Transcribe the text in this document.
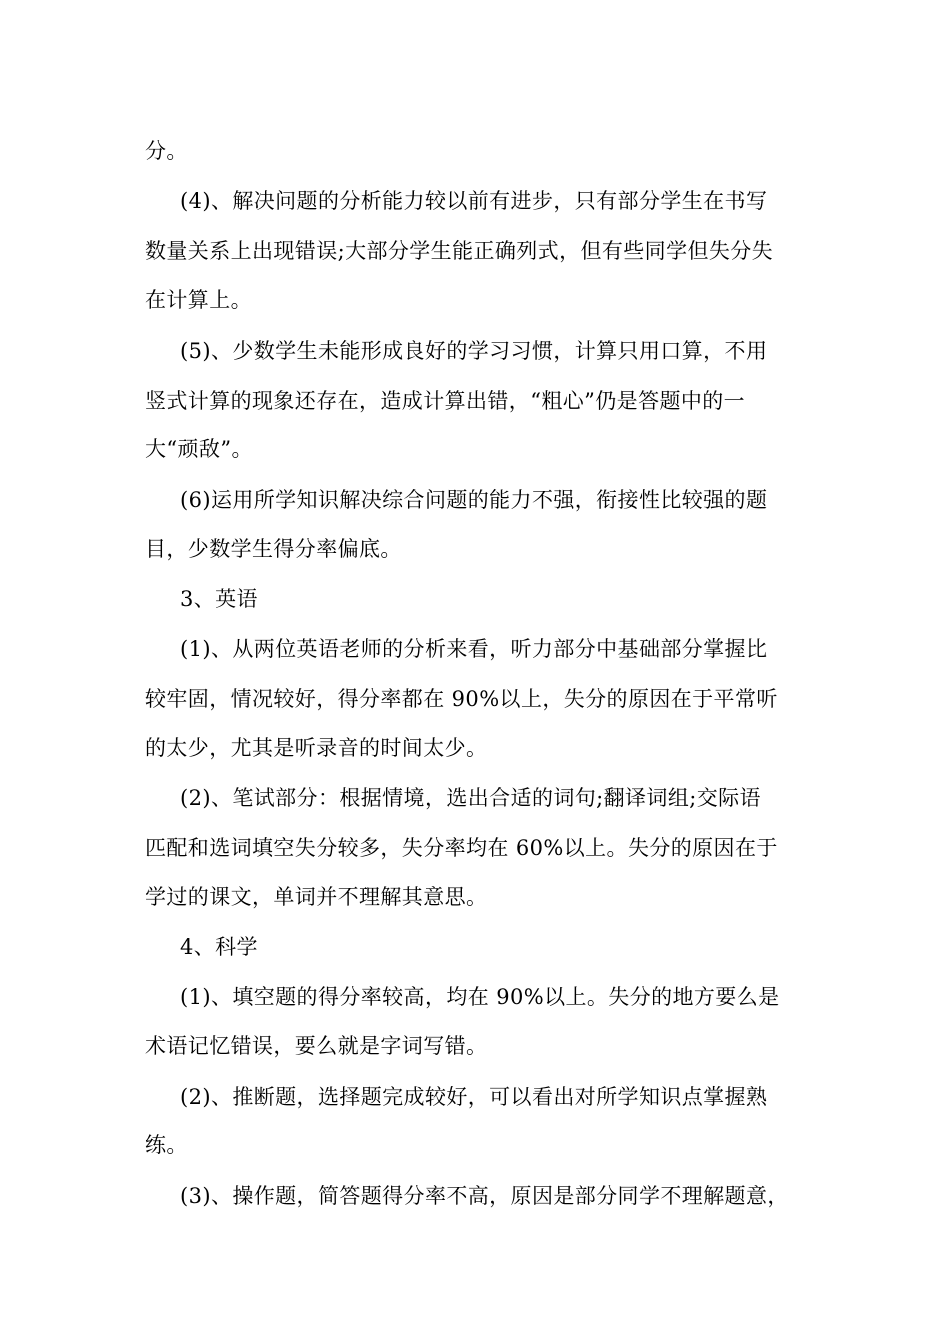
分。
(4)、解决问题的分析能力较以前有进步，只有部分学生在书写
数量关系上出现错误;大部分学生能正确列式，但有些同学但失分失
在计算上。
(5)、少数学生未能形成良好的学习习惯，计算只用口算，不用
竖式计算的现象还存在，造成计算出错，“粗心”仍是答题中的一
大“顽敌”。
(6)运用所学知识解决综合问题的能力不强，衔接性比较强的题
目，少数学生得分率偏底。
3、英语
(1)、从两位英语老师的分析来看，听力部分中基础部分掌握比
较牢固，情况较好，得分率都在 90%以上，失分的原因在于平常听
的太少，尤其是听录音的时间太少。
(2)、笔试部分：根据情境，选出合适的词句;翻译词组;交际语
匹配和选词填空失分较多，失分率均在 60%以上。失分的原因在于
学过的课文，单词并不理解其意思。
4、科学
(1)、填空题的得分率较高，均在 90%以上。失分的地方要么是
术语记忆错误，要么就是字词写错。
(2)、推断题，选择题完成较好，可以看出对所学知识点掌握熟
练。
(3)、操作题，简答题得分率不高，原因是部分同学不理解题意，
